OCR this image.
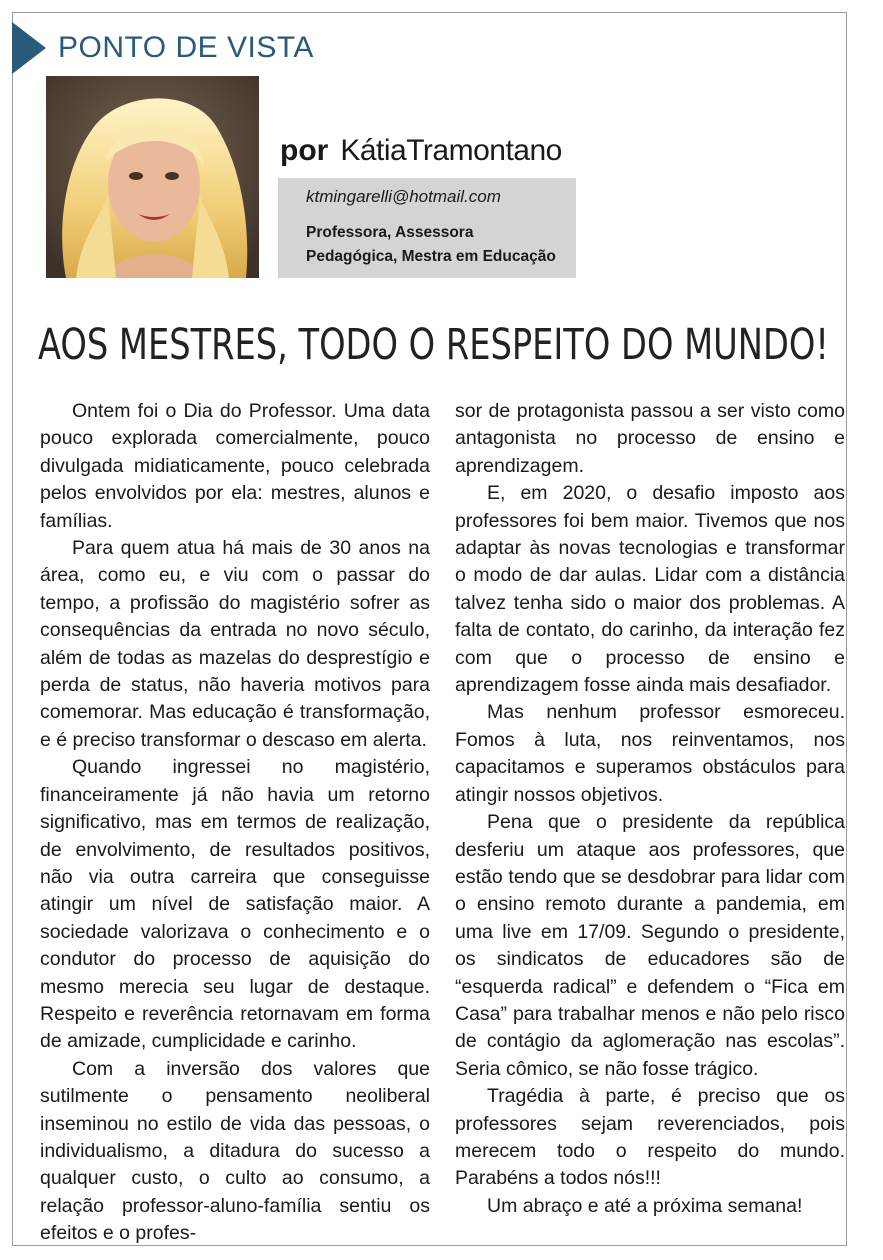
PONTO DE VISTA
por KátiaTramontano
ktmingarelli@hotmail.com
Professora, Assessora
Pedagógica, Mestra em Educação
AOS MESTRES, TODO O RESPEITO DO MUNDO!

Ontem foi o Dia do Professor. Uma data pouco explorada comercialmente, pouco divulgada midiaticamente, pouco celebrada pelos envolvidos por ela: mestres, alunos e famílias.

Para quem atua há mais de 30 anos na área, como eu, e viu com o passar do tempo, a profissão do magistério sofrer as consequências da entrada no novo século, além de todas as mazelas do desprestígio e perda de status, não haveria motivos para comemorar. Mas educação é transformação, e é preciso transformar o descaso em alerta.

Quando ingressei no magistério, financeiramente já não havia um retorno significativo, mas em termos de realização, de envolvimento, de resultados positivos, não via outra carreira que conseguisse atingir um nível de satisfação maior. A sociedade valorizava o conhecimento e o condutor do processo de aquisição do mesmo merecia seu lugar de destaque. Respeito e reverência retornavam em forma de amizade, cumplicidade e carinho.

Com a inversão dos valores que sutilmente o pensamento neoliberal inseminou no estilo de vida das pessoas, o individualismo, a ditadura do sucesso a qualquer custo, o culto ao consumo, a relação professor-aluno-família sentiu os efeitos e o profes-

sor de protagonista passou a ser visto como antagonista no processo de ensino e aprendizagem.

E, em 2020, o desafio imposto aos professores foi bem maior. Tivemos que nos adaptar às novas tecnologias e transformar o modo de dar aulas. Lidar com a distância talvez tenha sido o maior dos problemas. A falta de contato, do carinho, da interação fez com que o processo de ensino e aprendizagem fosse ainda mais desafiador.

Mas nenhum professor esmoreceu. Fomos à luta, nos reinventamos, nos capacitamos e superamos obstáculos para atingir nossos objetivos.

Pena que o presidente da república desferiu um ataque aos professores, que estão tendo que se desdobrar para lidar com o ensino remoto durante a pandemia, em uma live em 17/09. Segundo o presidente, os sindicatos de educadores são de “esquerda radical” e defendem o “Fica em Casa” para trabalhar menos e não pelo risco de contágio da aglomeração nas escolas”. Seria cômico, se não fosse trágico.

Tragédia à parte, é preciso que os professores sejam reverenciados, pois merecem todo o respeito do mundo. Parabéns a todos nós!!!

Um abraço e até a próxima semana!
